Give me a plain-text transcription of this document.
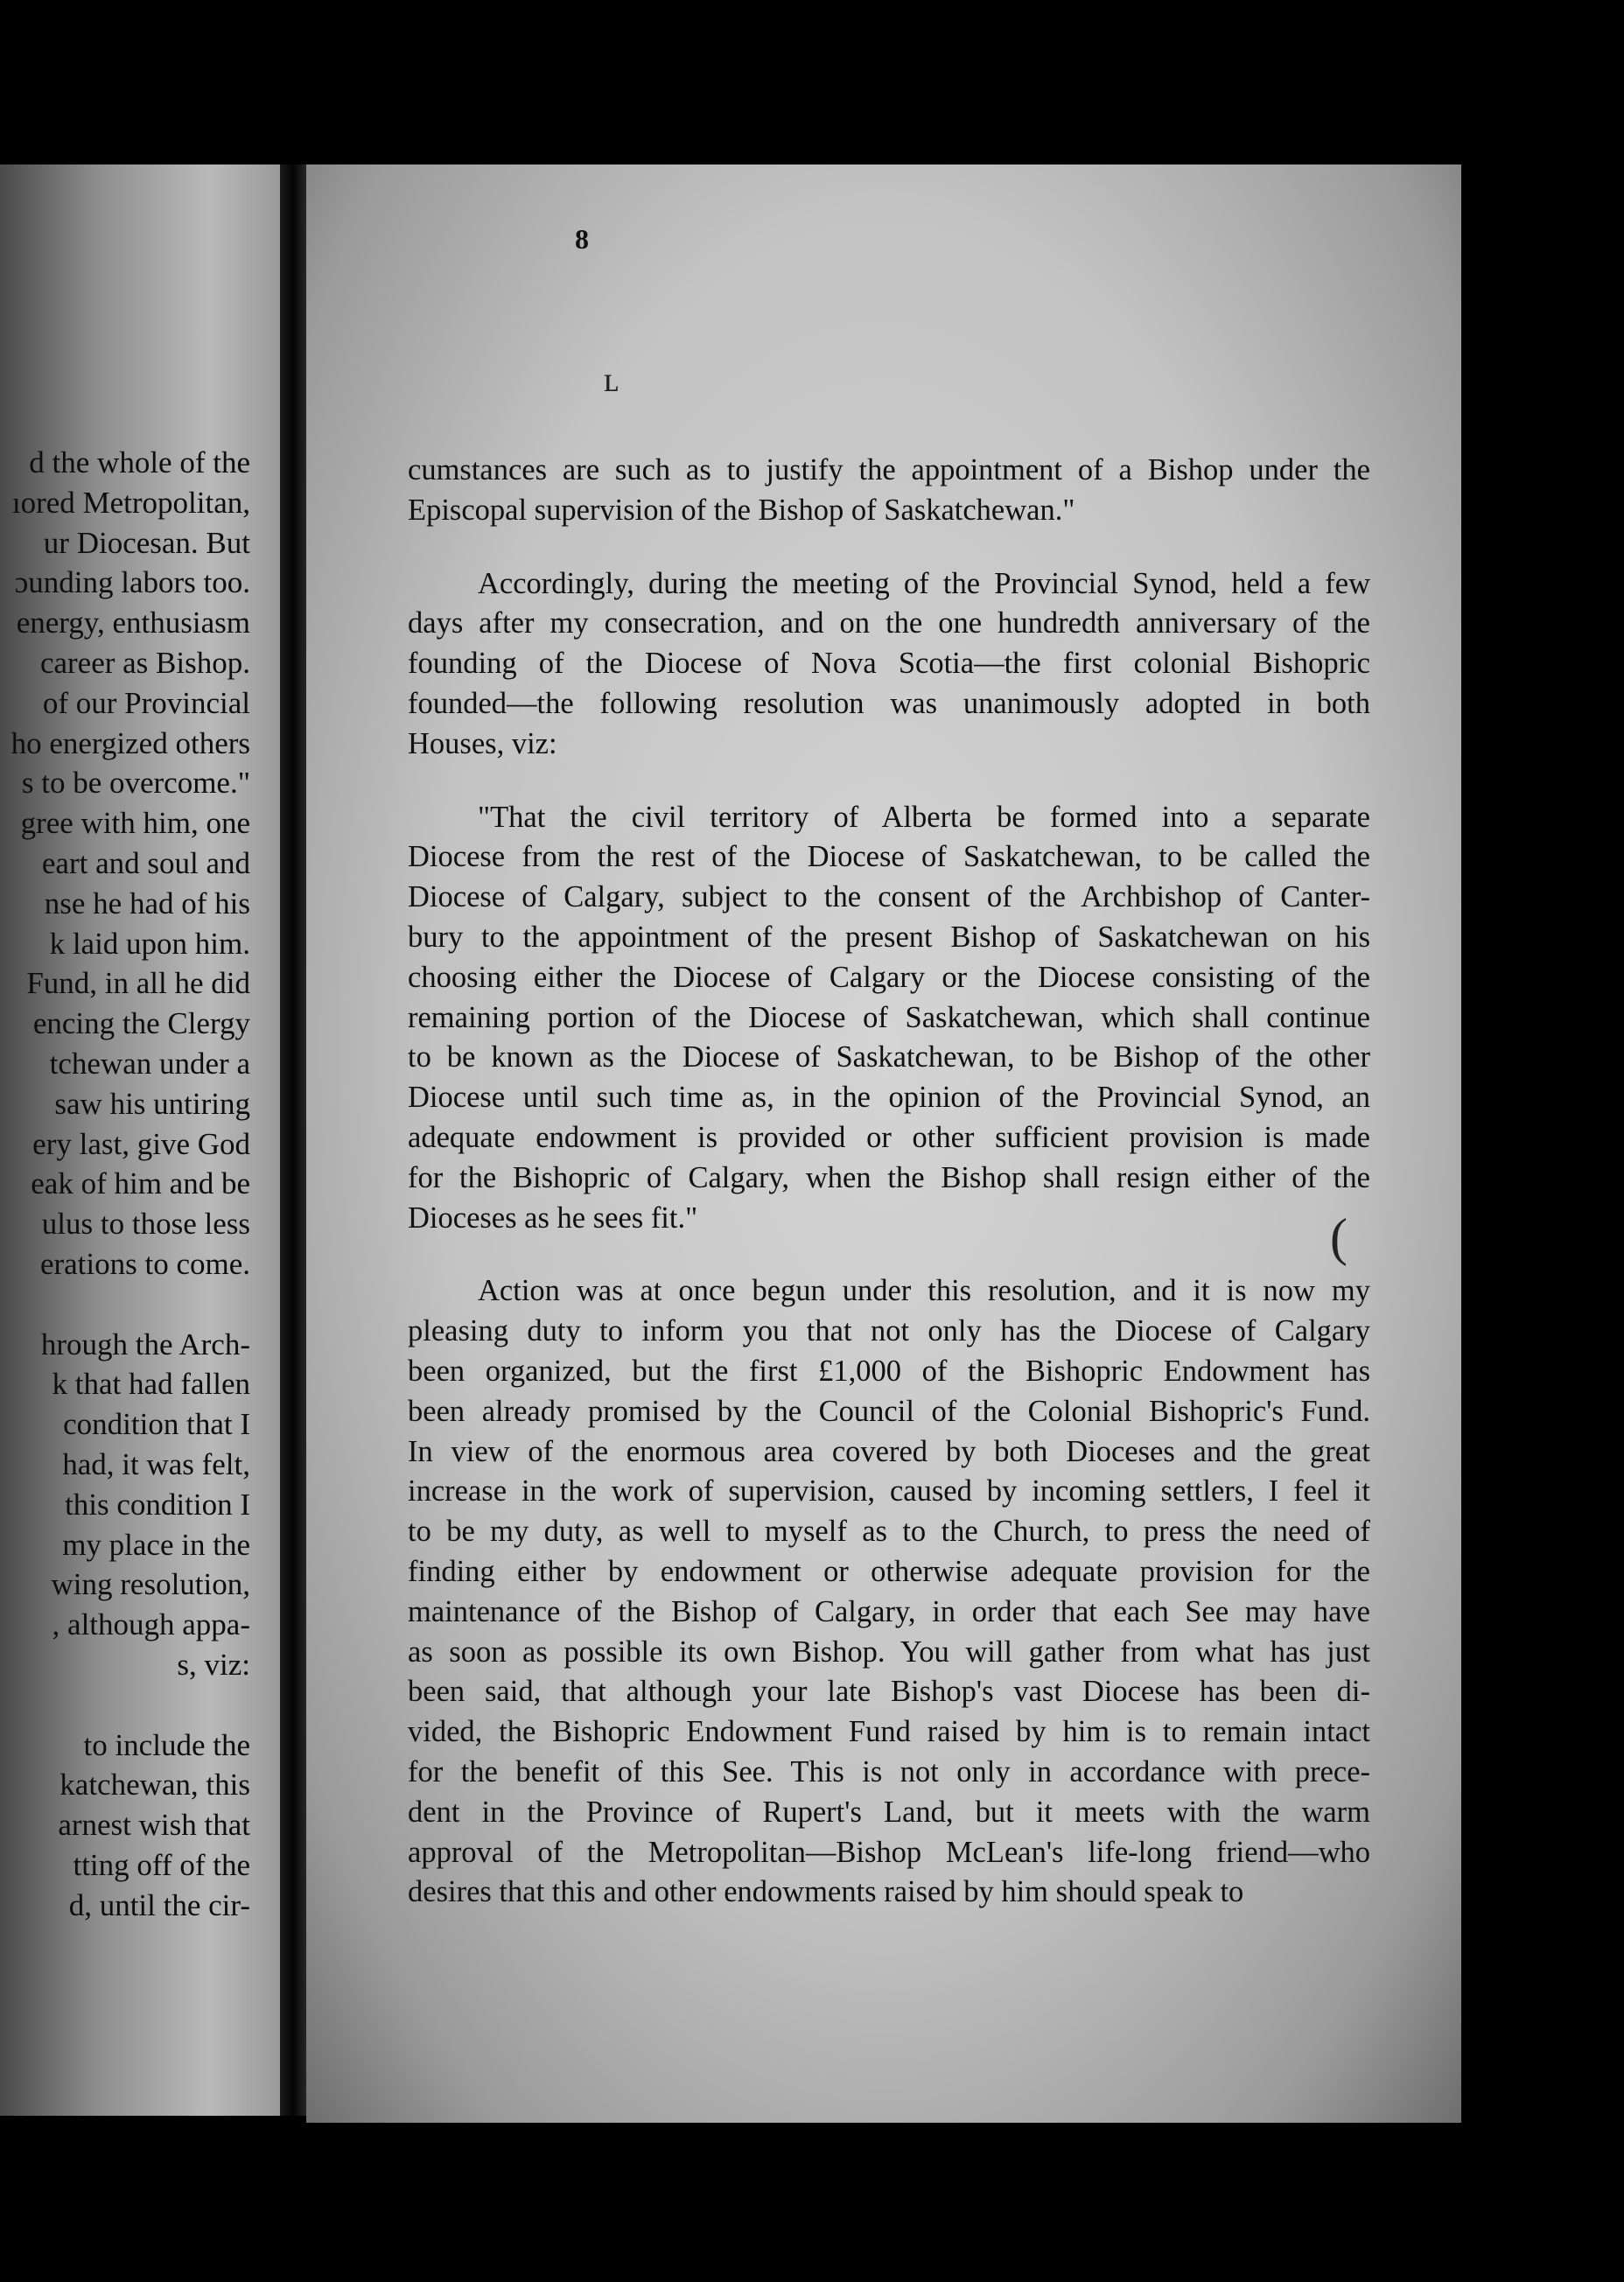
d the whole of the
ıored Metropolitan,
ur Diocesan. But
ɔunding labors too.
energy, enthusiasm
career as Bishop.
of our Provincial
ho energized others
s to be overcome."
gree with him, one
eart and soul and
nse he had of his
k laid upon him.
Fund, in all he did
encing the Clergy
tchewan under a
saw his untiring
ery last, give God
eak of him and be
ulus to those less
erations to come.

hrough the Arch-
k that had fallen
condition that I
had, it was felt,
this condition I
my place in the
wing resolution,
, although appa-
s, viz:

to include the
katchewan, this
arnest wish that
tting off of the
d, until the cir-
8
ʟ
(

cumstances are such as to justify the appointment of a Bishop under the
Episcopal supervision of the Bishop of Saskatchewan."

Accordingly, during the meeting of the Provincial Synod, held a few
days after my consecration, and on the one hundredth anniversary of the
founding of the Diocese of Nova Scotia—the first colonial Bishopric
founded—the following resolution was unanimously adopted in both
Houses, viz:

"That the civil territory of Alberta be formed into a separate
Diocese from the rest of the Diocese of Saskatchewan, to be called the
Diocese of Calgary, subject to the consent of the Archbishop of Canter-
bury to the appointment of the present Bishop of Saskatchewan on his
choosing either the Diocese of Calgary or the Diocese consisting of the
remaining portion of the Diocese of Saskatchewan, which shall continue
to be known as the Diocese of Saskatchewan, to be Bishop of the other
Diocese until such time as, in the opinion of the Provincial Synod, an
adequate endowment is provided or other sufficient provision is made
for the Bishopric of Calgary, when the Bishop shall resign either of the
Dioceses as he sees fit."

Action was at once begun under this resolution, and it is now my
pleasing duty to inform you that not only has the Diocese of Calgary
been organized, but the first £1,000 of the Bishopric Endowment has
been already promised by the Council of the Colonial Bishopric's Fund.
In view of the enormous area covered by both Dioceses and the great
increase in the work of supervision, caused by incoming settlers, I feel it
to be my duty, as well to myself as to the Church, to press the need of
finding either by endowment or otherwise adequate provision for the
maintenance of the Bishop of Calgary, in order that each See may have
as soon as possible its own Bishop. You will gather from what has just
been said, that although your late Bishop's vast Diocese has been di-
vided, the Bishopric Endowment Fund raised by him is to remain intact
for the benefit of this See. This is not only in accordance with prece-
dent in the Province of Rupert's Land, but it meets with the warm
approval of the Metropolitan—Bishop McLean's life-long friend—who
desires that this and other endowments raised by him should speak to
